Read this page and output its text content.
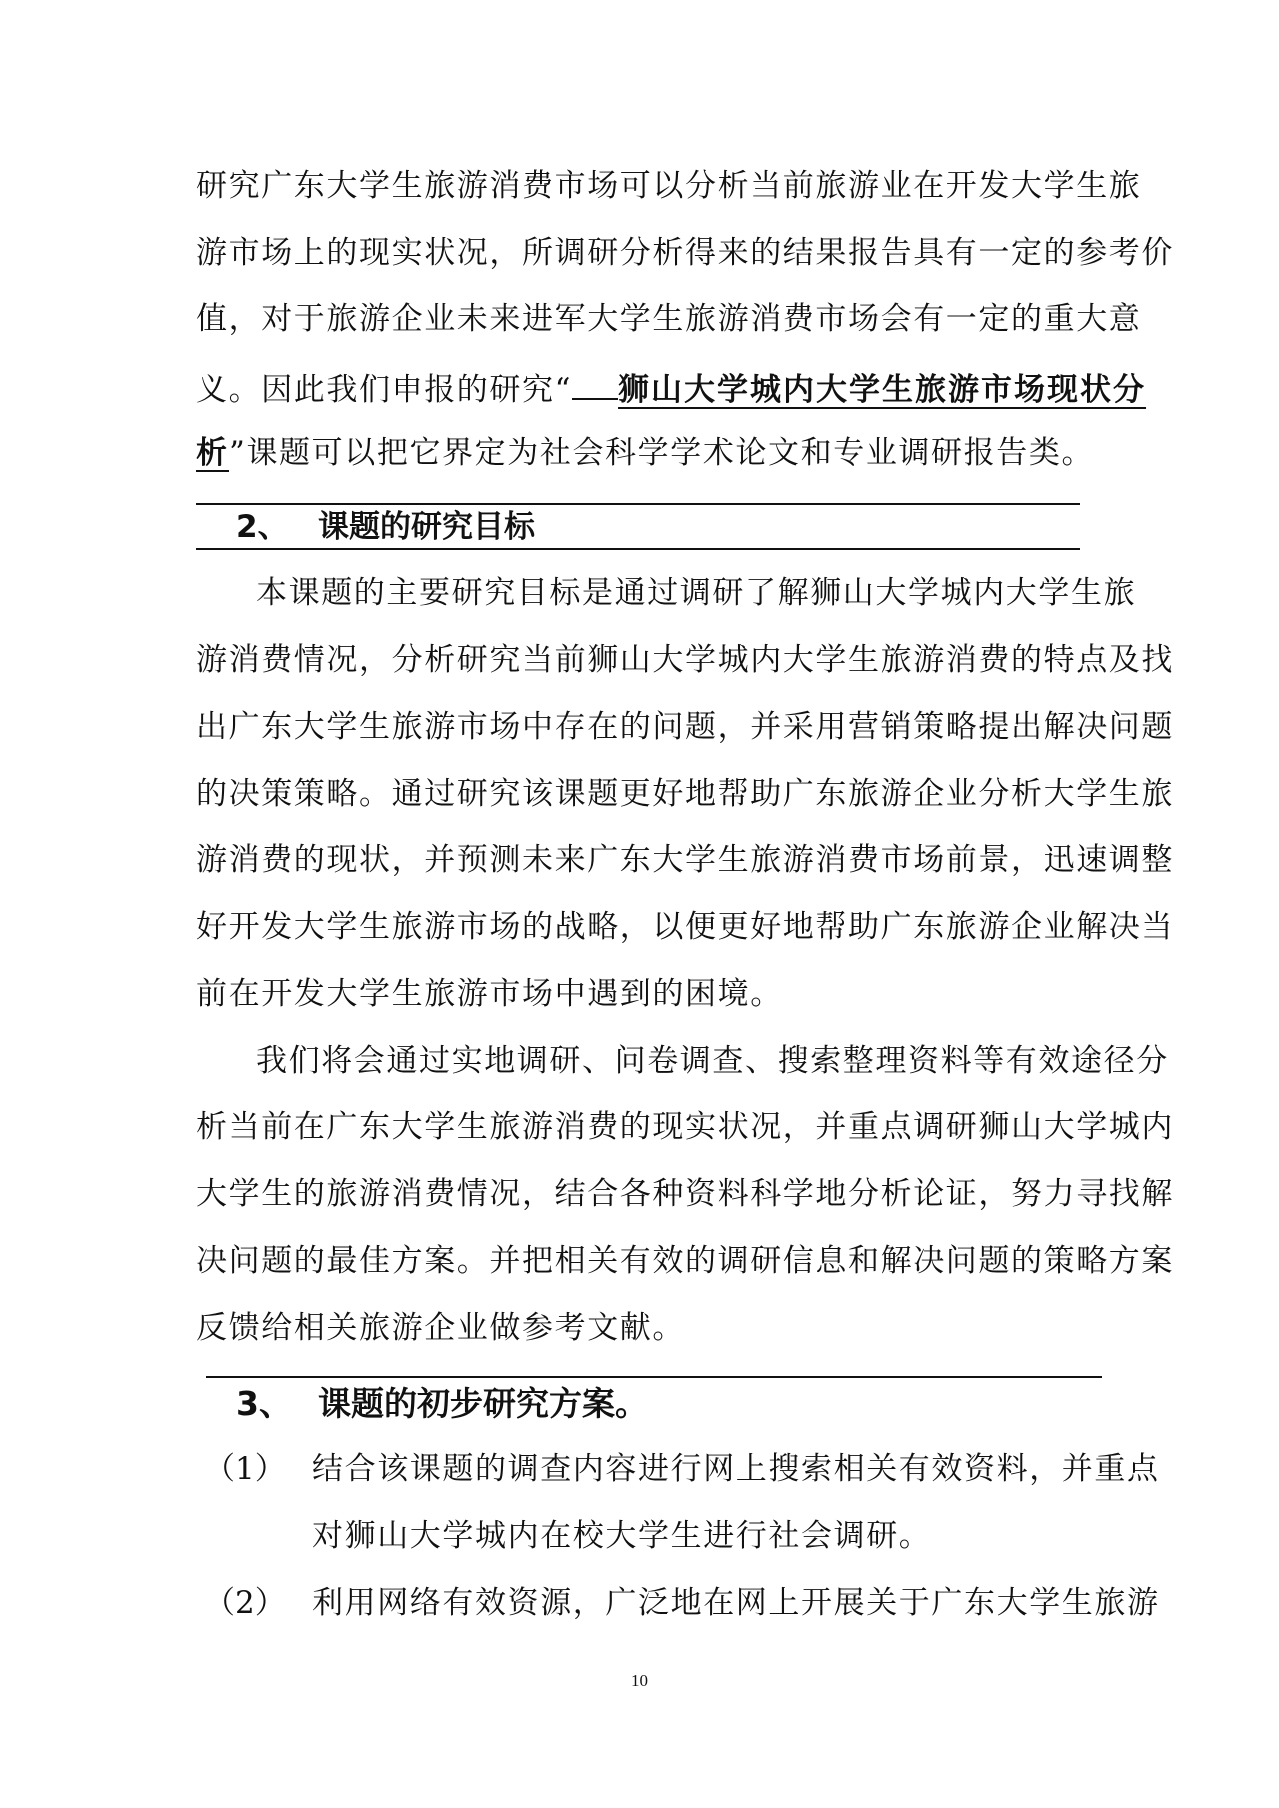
研究广东大学生旅游消费市场可以分析当前旅游业在开发大学生旅
游市场上的现实状况，所调研分析得来的结果报告具有一定的参考价
值，对于旅游企业未来进军大学生旅游消费市场会有一定的重大意
义。因此我们申报的研究“ 狮山大学城内大学生旅游市场现状分
析”课题可以把它界定为社会科学学术论文和专业调研报告类。
2、 课题的研究目标
本课题的主要研究目标是通过调研了解狮山大学城内大学生旅
游消费情况，分析研究当前狮山大学城内大学生旅游消费的特点及找
出广东大学生旅游市场中存在的问题，并采用营销策略提出解决问题
的决策策略。通过研究该课题更好地帮助广东旅游企业分析大学生旅
游消费的现状，并预测未来广东大学生旅游消费市场前景，迅速调整
好开发大学生旅游市场的战略，以便更好地帮助广东旅游企业解决当
前在开发大学生旅游市场中遇到的困境。
我们将会通过实地调研、问卷调查、搜索整理资料等有效途径分
析当前在广东大学生旅游消费的现实状况，并重点调研狮山大学城内
大学生的旅游消费情况，结合各种资料科学地分析论证，努力寻找解
决问题的最佳方案。并把相关有效的调研信息和解决问题的策略方案
反馈给相关旅游企业做参考文献。
3、 课题的初步研究方案。
（1） 结合该课题的调查内容进行网上搜索相关有效资料，并重点
对狮山大学城内在校大学生进行社会调研。
（2） 利用网络有效资源，广泛地在网上开展关于广东大学生旅游
10
